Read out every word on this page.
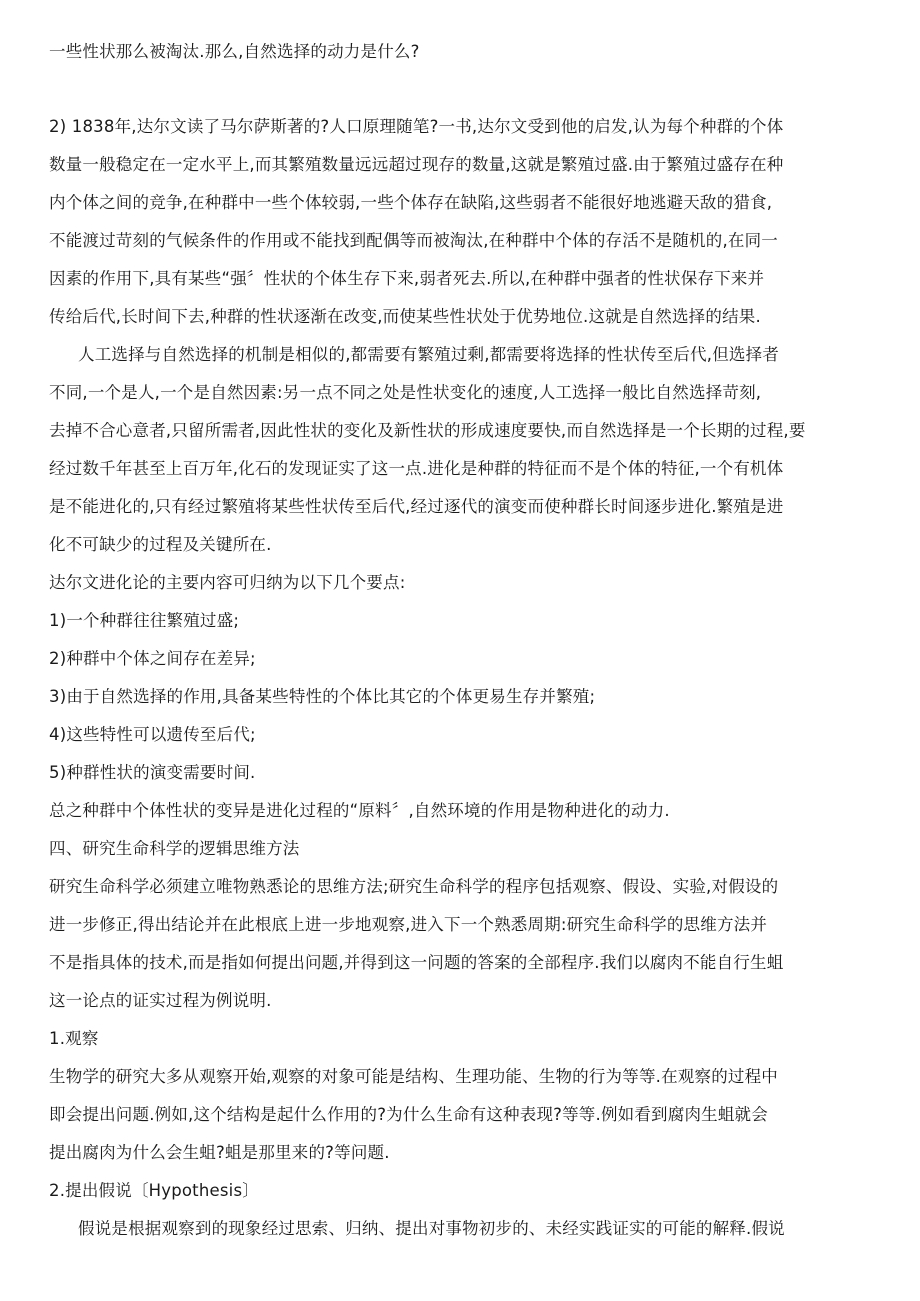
一些性状那么被淘汰.那么,自然选择的动力是什么?
2) 1838年,达尔文读了马尔萨斯著的?人口原理随笔?一书,达尔文受到他的启发,认为每个种群的个体
数量一般稳定在一定水平上,而其繁殖数量远远超过现存的数量,这就是繁殖过盛.由于繁殖过盛存在种
内个体之间的竞争,在种群中一些个体较弱,一些个体存在缺陷,这些弱者不能很好地逃避天敌的猎食,
不能渡过苛刻的气候条件的作用或不能找到配偶等而被淘汰,在种群中个体的存活不是随机的,在同一
因素的作用下,具有某些“强〞性状的个体生存下来,弱者死去.所以,在种群中强者的性状保存下来并
传给后代,长时间下去,种群的性状逐渐在改变,而使某些性状处于优势地位.这就是自然选择的结果.
人工选择与自然选择的机制是相似的,都需要有繁殖过剩,都需要将选择的性状传至后代,但选择者
不同,一个是人,一个是自然因素:另一点不同之处是性状变化的速度,人工选择一般比自然选择苛刻,
去掉不合心意者,只留所需者,因此性状的变化及新性状的形成速度要快,而自然选择是一个长期的过程,要
经过数千年甚至上百万年,化石的发现证实了这一点.进化是种群的特征而不是个体的特征,一个有机体
是不能进化的,只有经过繁殖将某些性状传至后代,经过逐代的演变而使种群长时间逐步进化.繁殖是进
化不可缺少的过程及关键所在.
达尔文进化论的主要内容可归纳为以下几个要点:
1)一个种群往往繁殖过盛;
2)种群中个体之间存在差异;
3)由于自然选择的作用,具备某些特性的个体比其它的个体更易生存并繁殖;
4)这些特性可以遗传至后代;
5)种群性状的演变需要时间.
总之种群中个体性状的变异是进化过程的“原料〞,自然环境的作用是物种进化的动力.
四、研究生命科学的逻辑思维方法
研究生命科学必须建立唯物熟悉论的思维方法;研究生命科学的程序包括观察、假设、实验,对假设的
进一步修正,得出结论并在此根底上进一步地观察,进入下一个熟悉周期:研究生命科学的思维方法并
不是指具体的技术,而是指如何提出问题,并得到这一问题的答案的全部程序.我们以腐肉不能自行生蛆
这一论点的证实过程为例说明.
1.观察
生物学的研究大多从观察开始,观察的对象可能是结构、生理功能、生物的行为等等.在观察的过程中
即会提出问题.例如,这个结构是起什么作用的?为什么生命有这种表现?等等.例如看到腐肉生蛆就会
提出腐肉为什么会生蛆?蛆是那里来的?等问题.
2.提出假说〔Hypothesis〕
假说是根据观察到的现象经过思索、归纳、提出对事物初步的、未经实践证实的可能的解释.假说
